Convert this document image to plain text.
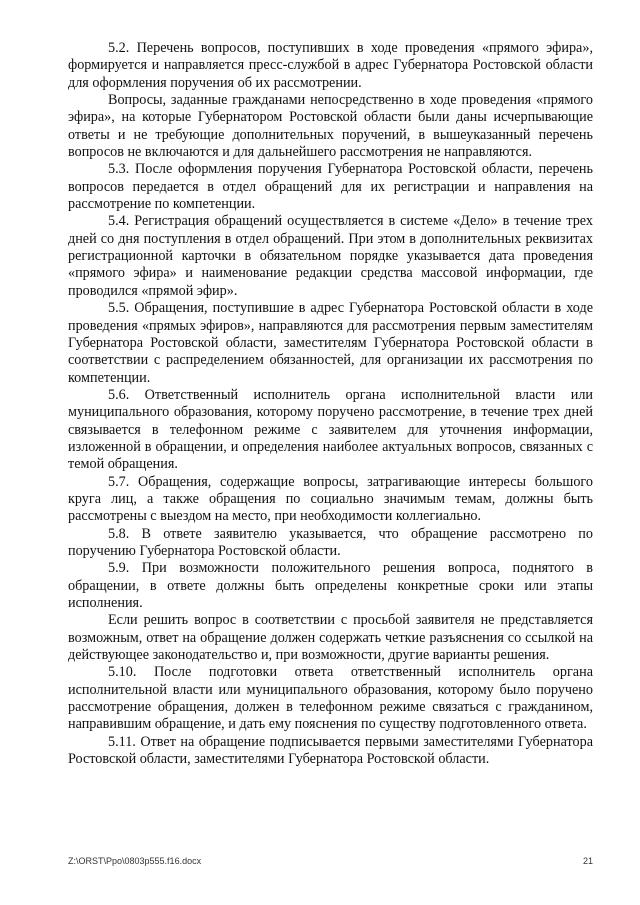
5.2. Перечень вопросов, поступивших в ходе проведения «прямого эфира», формируется и направляется пресс-службой в адрес Губернатора Ростовской области для оформления поручения об их рассмотрении.

Вопросы, заданные гражданами непосредственно в ходе проведения «прямого эфира», на которые Губернатором Ростовской области были даны исчерпывающие ответы и не требующие дополнительных поручений, в вышеуказанный перечень вопросов не включаются и для дальнейшего рассмотрения не направляются.

5.3. После оформления поручения Губернатора Ростовской области, перечень вопросов передается в отдел обращений для их регистрации и направления на рассмотрение по компетенции.

5.4. Регистрация обращений осуществляется в системе «Дело» в течение трех дней со дня поступления в отдел обращений. При этом в дополнительных реквизитах регистрационной карточки в обязательном порядке указывается дата проведения «прямого эфира» и наименование редакции средства массовой информации, где проводился «прямой эфир».

5.5. Обращения, поступившие в адрес Губернатора Ростовской области в ходе проведения «прямых эфиров», направляются для рассмотрения первым заместителям Губернатора Ростовской области, заместителям Губернатора Ростовской области в соответствии с распределением обязанностей, для организации их рассмотрения по компетенции.

5.6. Ответственный исполнитель органа исполнительной власти или муниципального образования, которому поручено рассмотрение, в течение трех дней связывается в телефонном режиме с заявителем для уточнения информации, изложенной в обращении, и определения наиболее актуальных вопросов, связанных с темой обращения.

5.7. Обращения, содержащие вопросы, затрагивающие интересы большого круга лиц, а также обращения по социально значимым темам, должны быть рассмотрены с выездом на место, при необходимости коллегиально.

5.8. В ответе заявителю указывается, что обращение рассмотрено по поручению Губернатора Ростовской области.

5.9. При возможности положительного решения вопроса, поднятого в обращении, в ответе должны быть определены конкретные сроки или этапы исполнения.

Если решить вопрос в соответствии с просьбой заявителя не представляется возможным, ответ на обращение должен содержать четкие разъяснения со ссылкой на действующее законодательство и, при возможности, другие варианты решения.

5.10. После подготовки ответа ответственный исполнитель органа исполнительной власти или муниципального образования, которому было поручено рассмотрение обращения, должен в телефонном режиме связаться с гражданином, направившим обращение, и дать ему пояснения по существу подготовленного ответа.

5.11. Ответ на обращение подписывается первыми заместителями Губернатора Ростовской области, заместителями Губернатора Ростовской области.

Z:\ORST\Ppo\0803p555.f16.docx	21
